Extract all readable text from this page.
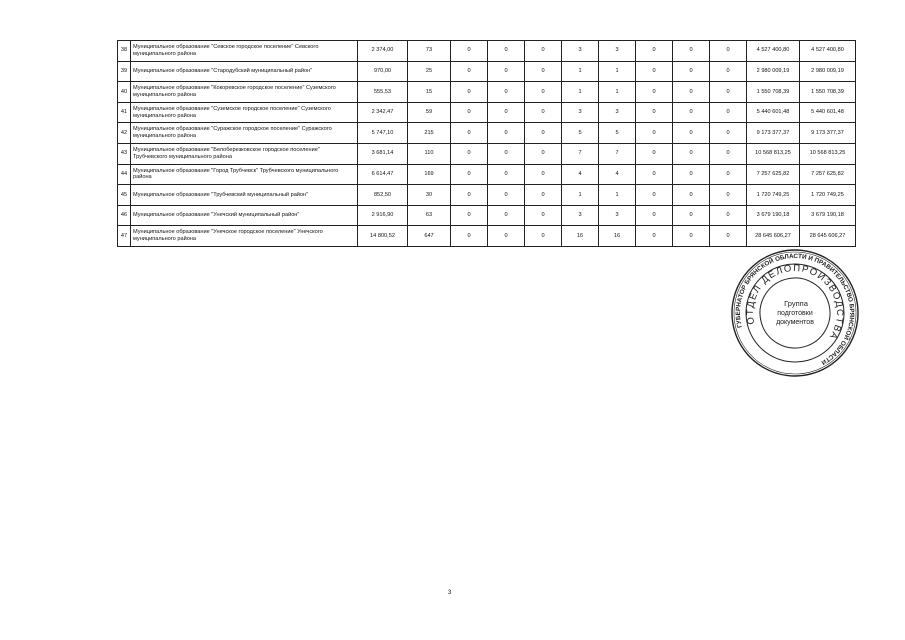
38	Муниципальное образование "Севское городское поселение" Севского муниципального района	2 374,00	73	0	0	0	3	3	0	0	0	4 527 400,80	4 527 400,80
39	Муниципальное образование "Стародубский муниципальный район"	970,00	25	0	0	0	1	1	0	0	0	2 980 009,19	2 980 009,19
40	Муниципальное образование "Кокоревское городское поселение" Суземского муниципального района	555,53	15	0	0	0	1	1	0	0	0	1 550 708,39	1 550 708,39
41	Муниципальное образование "Суземское городское поселение" Суземского муниципального района	2 342,47	59	0	0	0	3	3	0	0	0	5 440 601,48	5 440 601,48
42	Муниципальное образование "Суражское городское поселение" Суражского муниципального района	5 747,10	215	0	0	0	5	5	0	0	0	9 173 377,37	9 173 377,37
43	Муниципальное образование "Белоберезковское городское поселение" Трубчевского муниципального района	3 681,14	110	0	0	0	7	7	0	0	0	10 568 813,25	10 568 813,25
44	Муниципальное образование "Город Трубчевск" Трубчевского муниципального района	6 614,47	169	0	0	0	4	4	0	0	0	7 257 625,82	7 257 625,82
45	Муниципальное образование "Трубчевский муниципальный район"	852,50	30	0	0	0	1	1	0	0	0	1 720 749,25	1 720 749,25
46	Муниципальное образование "Унечский муниципальный район"	2 916,90	63	0	0	0	3	3	0	0	0	3 679 190,18	3 679 190,18
47	Муниципальное образование "Унечское городское поселение" Унечского муниципального района	14 800,52	647	0	0	0	16	16	0	0	0	28 645 606,27	28 645 606,27
ГУБЕРНАТОР БРЯНСКОЙ ОБЛАСТИ И ПРАВИТЕЛЬСТВО БРЯНСКОЙ ОБЛАСТИ
ОТДЕЛ ДЕЛОПРОИЗВОДСТВА
Группа
подготовки
документов
3
